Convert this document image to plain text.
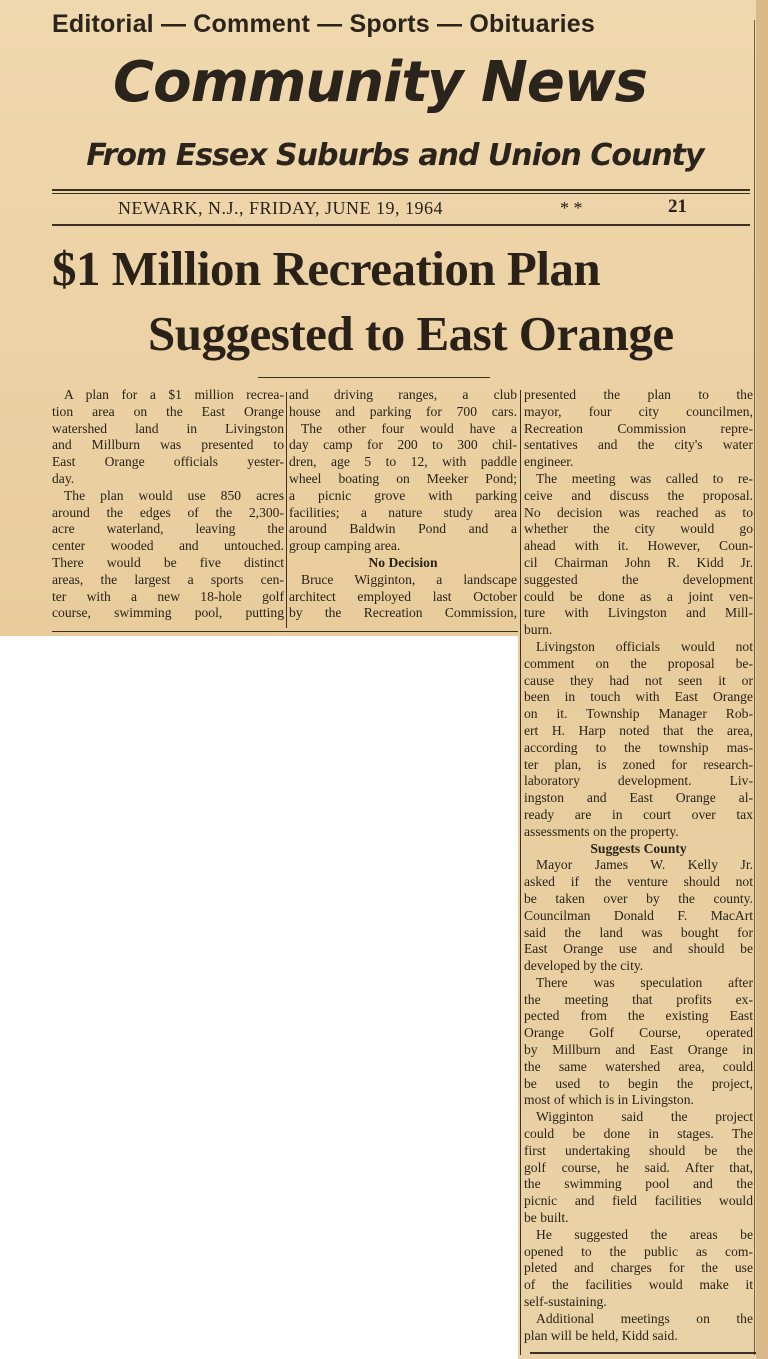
Editorial — Comment — Sports — Obituaries
Community News
From Essex Suburbs and Union County
NEWARK, N.J., FRIDAY, JUNE 19, 1964	* *	21
$1 Million Recreation Plan
Suggested to East Orange
A plan for a $1 million recrea-
tion area on the East Orange
watershed land in Livingston
and Millburn was presented to
East Orange officials yester-
day.
The plan would use 850 acres
around the edges of the 2,300-
acre waterland, leaving the
center wooded and untouched.
There would be five distinct
areas, the largest a sports cen-
ter with a new 18-hole golf
course, swimming pool, putting
and driving ranges, a club
house and parking for 700 cars.
The other four would have a
day camp for 200 to 300 chil-
dren, age 5 to 12, with paddle
wheel boating on Meeker Pond;
a picnic grove with parking
facilities; a nature study area
around Baldwin Pond and a
group camping area.
No Decision
Bruce Wigginton, a landscape
architect employed last October
by the Recreation Commission,
presented the plan to the
mayor, four city councilmen,
Recreation Commission repre-
sentatives and the city's water
engineer.
The meeting was called to re-
ceive and discuss the proposal.
No decision was reached as to
whether the city would go
ahead with it. However, Coun-
cil Chairman John R. Kidd Jr.
suggested the development
could be done as a joint ven-
ture with Livingston and Mill-
burn.
Livingston officials would not
comment on the proposal be-
cause they had not seen it or
been in touch with East Orange
on it. Township Manager Rob-
ert H. Harp noted that the area,
according to the township mas-
ter plan, is zoned for research-
laboratory development. Liv-
ingston and East Orange al-
ready are in court over tax
assessments on the property.
Suggests County
Mayor James W. Kelly Jr.
asked if the venture should not
be taken over by the county.
Councilman Donald F. MacArt
said the land was bought for
East Orange use and should be
developed by the city.
There was speculation after
the meeting that profits ex-
pected from the existing East
Orange Golf Course, operated
by Millburn and East Orange in
the same watershed area, could
be used to begin the project,
most of which is in Livingston.
Wigginton said the project
could be done in stages. The
first undertaking should be the
golf course, he said. After that,
the swimming pool and the
picnic and field facilities would
be built.
He suggested the areas be
opened to the public as com-
pleted and charges for the use
of the facilities would make it
self-sustaining.
Additional meetings on the
plan will be held, Kidd said.
